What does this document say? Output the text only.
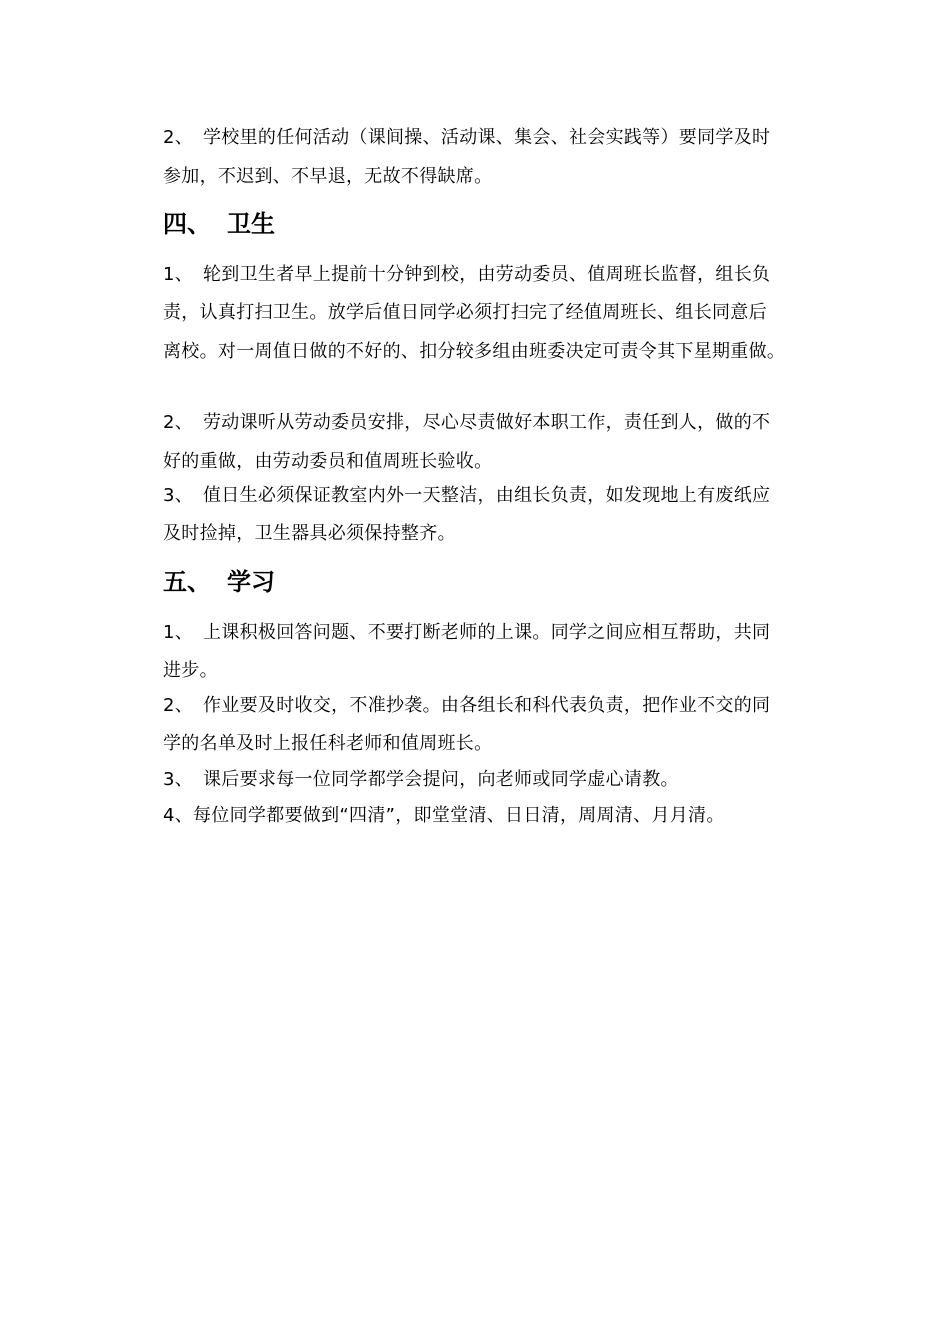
2、 学校里的任何活动（课间操、活动课、集会、社会实践等）要同学及时
参加，不迟到、不早退，无故不得缺席。
四、 卫生
1、 轮到卫生者早上提前十分钟到校，由劳动委员、值周班长监督，组长负
责，认真打扫卫生。放学后值日同学必须打扫完了经值周班长、组长同意后
离校。对一周值日做的不好的、扣分较多组由班委决定可责令其下星期重做。
2、 劳动课听从劳动委员安排，尽心尽责做好本职工作，责任到人，做的不
好的重做，由劳动委员和值周班长验收。
3、 值日生必须保证教室内外一天整洁，由组长负责，如发现地上有废纸应
及时捡掉，卫生器具必须保持整齐。
五、 学习
1、 上课积极回答问题、不要打断老师的上课。同学之间应相互帮助，共同
进步。
2、 作业要及时收交，不准抄袭。由各组长和科代表负责，把作业不交的同
学的名单及时上报任科老师和值周班长。
3、 课后要求每一位同学都学会提问，向老师或同学虚心请教。
4、每位同学都要做到“四清”，即堂堂清、日日清，周周清、月月清。
